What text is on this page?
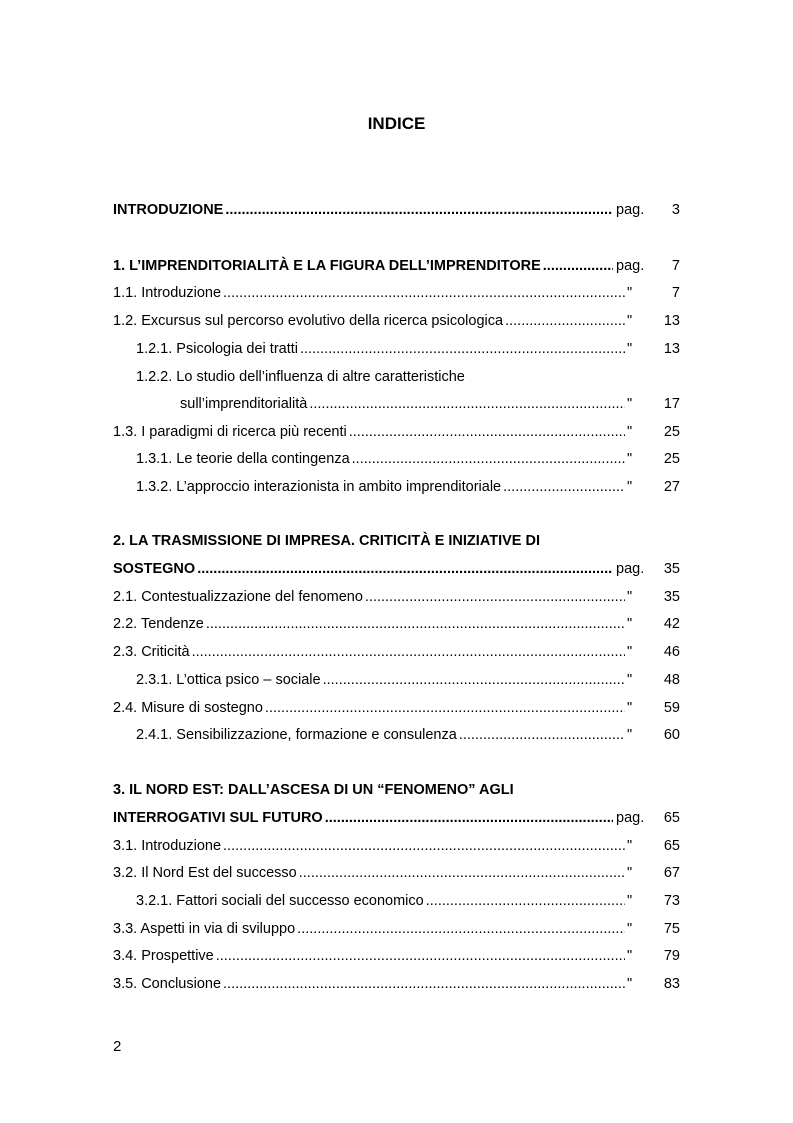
INDICE
INTRODUZIONE .....	pag.	3
1. L’IMPRENDITORIALITÀ E LA FIGURA DELL’IMPRENDITORE .....	pag.	7
1.1. Introduzione .....	"	7
1.2. Excursus sul percorso evolutivo della ricerca psicologica .....	"	13
1.2.1. Psicologia dei tratti .....	"	13
1.2.2. Lo studio dell’influenza di altre caratteristiche
sull’imprenditorialità .....	"	17
1.3. I paradigmi di ricerca più recenti .....	"	25
1.3.1. Le teorie della contingenza .....	"	25
1.3.2. L’approccio interazionista in ambito imprenditoriale .....	"	27
2. LA TRASMISSIONE DI IMPRESA. CRITICITÀ E INIZIATIVE DI
SOSTEGNO .....	pag.	35
2.1. Contestualizzazione del fenomeno .....	"	35
2.2. Tendenze .....	"	42
2.3. Criticità .....	"	46
2.3.1. L’ottica psico – sociale .....	"	48
2.4. Misure di sostegno .....	"	59
2.4.1. Sensibilizzazione, formazione e consulenza .....	"	60
3. IL NORD EST: DALL’ASCESA DI UN “FENOMENO” AGLI
INTERROGATIVI SUL FUTURO .....	pag.	65
3.1. Introduzione .....	"	65
3.2. Il Nord Est del successo .....	"	67
3.2.1. Fattori sociali del successo economico .....	"	73
3.3. Aspetti in via di sviluppo .....	"	75
3.4. Prospettive .....	"	79
3.5. Conclusione .....	"	83
2
